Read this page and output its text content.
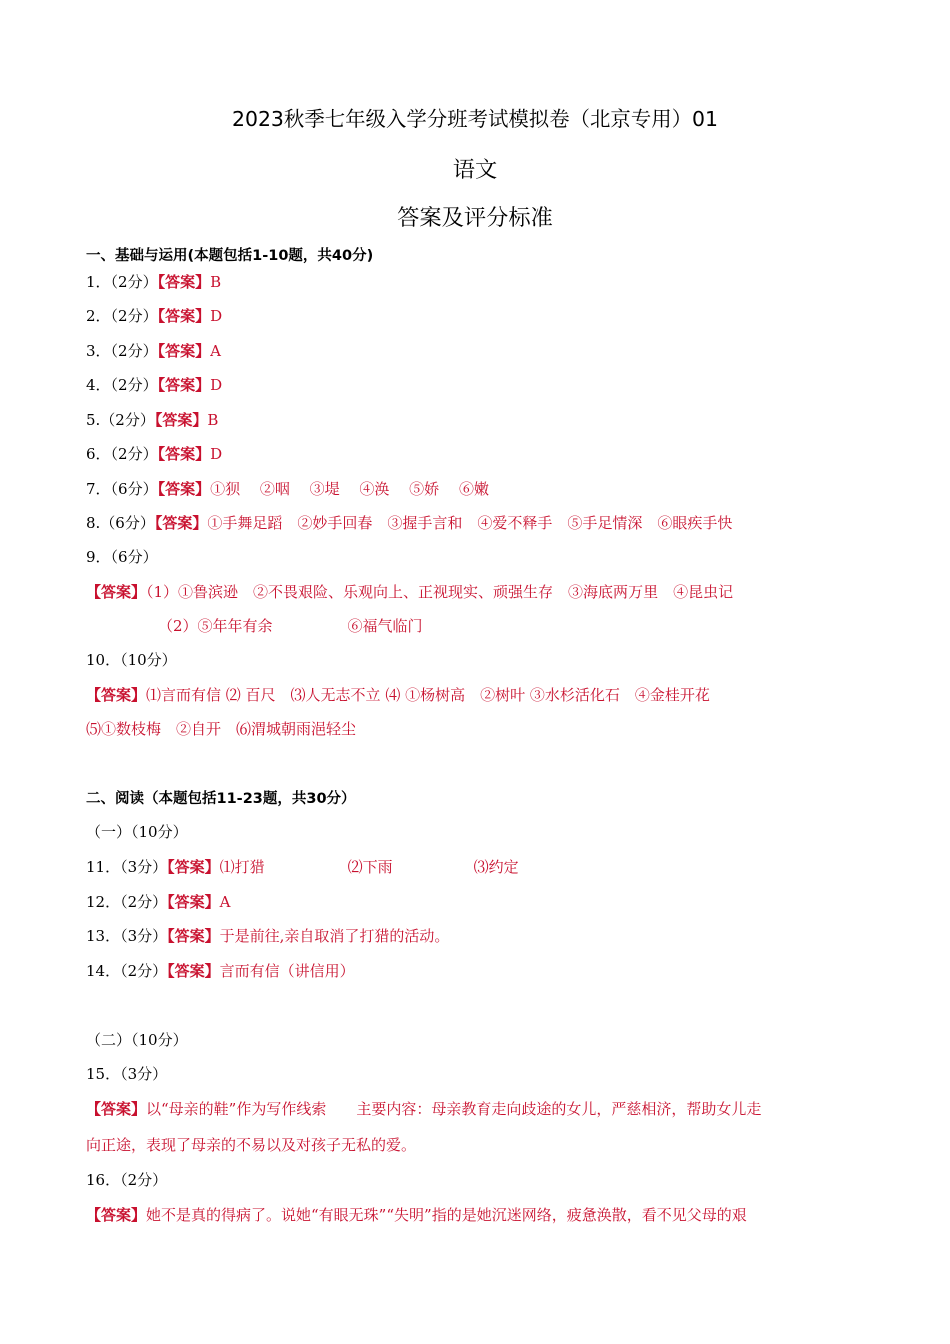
2023秋季七年级入学分班考试模拟卷（北京专用）01
语文
答案及评分标准
一、基础与运用(本题包括1-10题，共40分)
1．（2分）【答案】B
2．（2分）【答案】D
3．（2分）【答案】A
4．（2分）【答案】D
5.（2分）【答案】B
6．（2分）【答案】D
7．（6分）【答案】①狈　 ②咽　 ③堤　 ④涣　 ⑤娇　 ⑥嫩
8.（6分）【答案】①手舞足蹈　②妙手回春　③握手言和　④爱不释手　⑤手足情深　⑥眼疾手快
9．（6分）
【答案】（1）①鲁滨逊　②不畏艰险、乐观向上、正视现实、顽强生存　③海底两万里　④昆虫记
（2）⑤年年有余　　　　　⑥福气临门
10．（10分）
【答案】⑴言而有信 ⑵ 百尺　⑶人无志不立 ⑷ ①杨树高　②树叶 ③水杉活化石　④金桂开花
⑸①数枝梅　②自开　⑹渭城朝雨浥轻尘
二、阅读（本题包括11-23题，共30分）
（一）（10分）
11．（3分）【答案】⑴打猎	⑵下雨	⑶约定
12．（2分）【答案】A
13．（3分）【答案】于是前往,亲自取消了打猎的活动。
14．（2分）【答案】言而有信（讲信用）
（二）（10分）
15．（3分）
【答案】以“母亲的鞋”作为写作线索　　主要内容：母亲教育走向歧途的女儿，严慈相济，帮助女儿走
向正途，表现了母亲的不易以及对孩子无私的爱。
16．（2分）
【答案】她不是真的得病了。说她“有眼无珠”“失明”指的是她沉迷网络，疲惫涣散，看不见父母的艰
